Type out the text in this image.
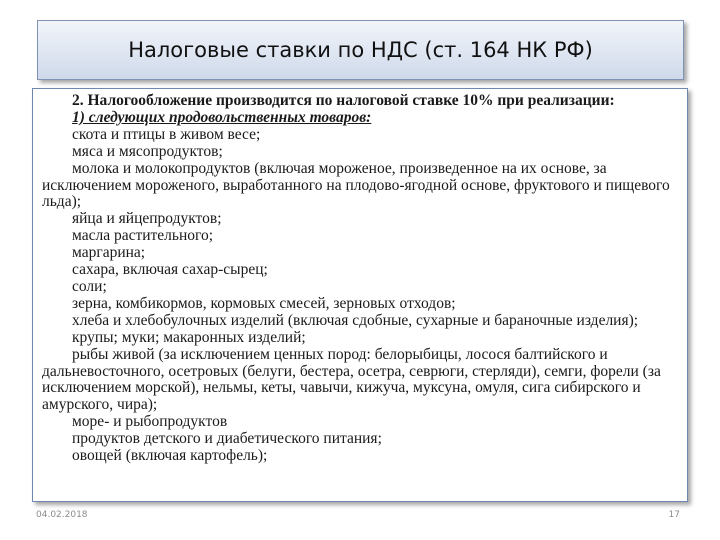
Налоговые ставки по НДС (ст. 164 НК РФ)

2. Налогообложение производится по налоговой ставке 10% при реализации:

1) следующих продовольственных товаров:

скота и птицы в живом весе;

мяса и мясопродуктов;

молока и молокопродуктов (включая мороженое, произведенное на их основе, за исключением мороженого, выработанного на плодово-ягодной основе, фруктового и пищевого льда);

яйца и яйцепродуктов;

масла растительного;

маргарина;

сахара, включая сахар-сырец;

соли;

зерна, комбикормов, кормовых смесей, зерновых отходов;

хлеба и хлебобулочных изделий (включая сдобные, сухарные и бараночные изделия);

крупы; муки; макаронных изделий;

рыбы живой (за исключением ценных пород: белорыбицы, лосося балтийского и дальневосточного, осетровых (белуги, бестера, осетра, севрюги, стерляди), семги, форели (за исключением морской), нельмы, кеты, чавычи, кижуча, муксуна, омуля, сига сибирского и амурского, чира);

море- и рыбопродуктов

продуктов детского и диабетического питания;

овощей (включая картофель);

04.02.2018	17
